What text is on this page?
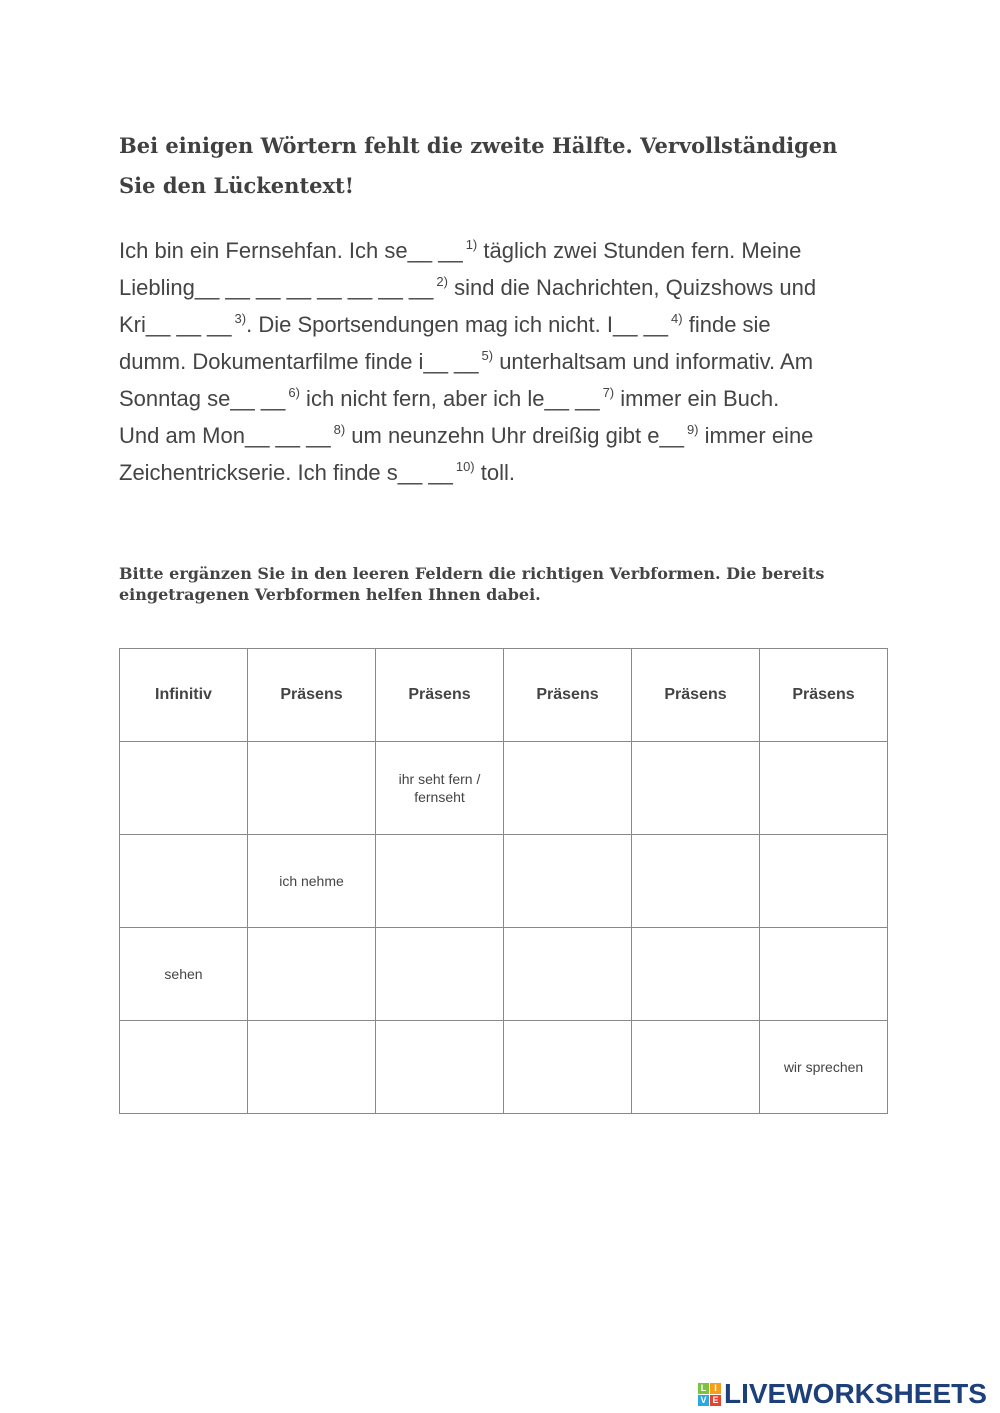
Bei einigen Wörtern fehlt die zweite Hälfte. Vervollständigen Sie den Lückentext!
Ich bin ein Fernsehfan. Ich se__ __ $^{1)}$ täglich zwei Stunden fern. Meine
Liebling__ __ __ __ __ __ __ __ $^{2)}$ sind die Nachrichten, Quizshows und
Kri__ __ __ $^{3)}$. Die Sportsendungen mag ich nicht. I__ __ $^{4)}$ finde sie
dumm. Dokumentarfilme finde i__ __ $^{5)}$ unterhaltsam und informativ. Am
Sonntag se__ __ $^{6)}$ ich nicht fern, aber ich le__ __ $^{7)}$ immer ein Buch.
Und am Mon__ __ __ $^{8)}$ um neunzehn Uhr dreißig gibt e__ $^{9)}$ immer eine
Zeichentrickserie. Ich finde s__ __ $^{10)}$ toll.
Bitte ergänzen Sie in den leeren Feldern die richtigen Verbformen. Die bereits eingetragenen Verbformen helfen Ihnen dabei.
Infinitiv	Präsens	Präsens	Präsens	Präsens	Präsens
		ihr seht fern / fernseht			
	ich nehme				
sehen					
					wir sprechen
L I
V E LIVEWORKSHEETS
